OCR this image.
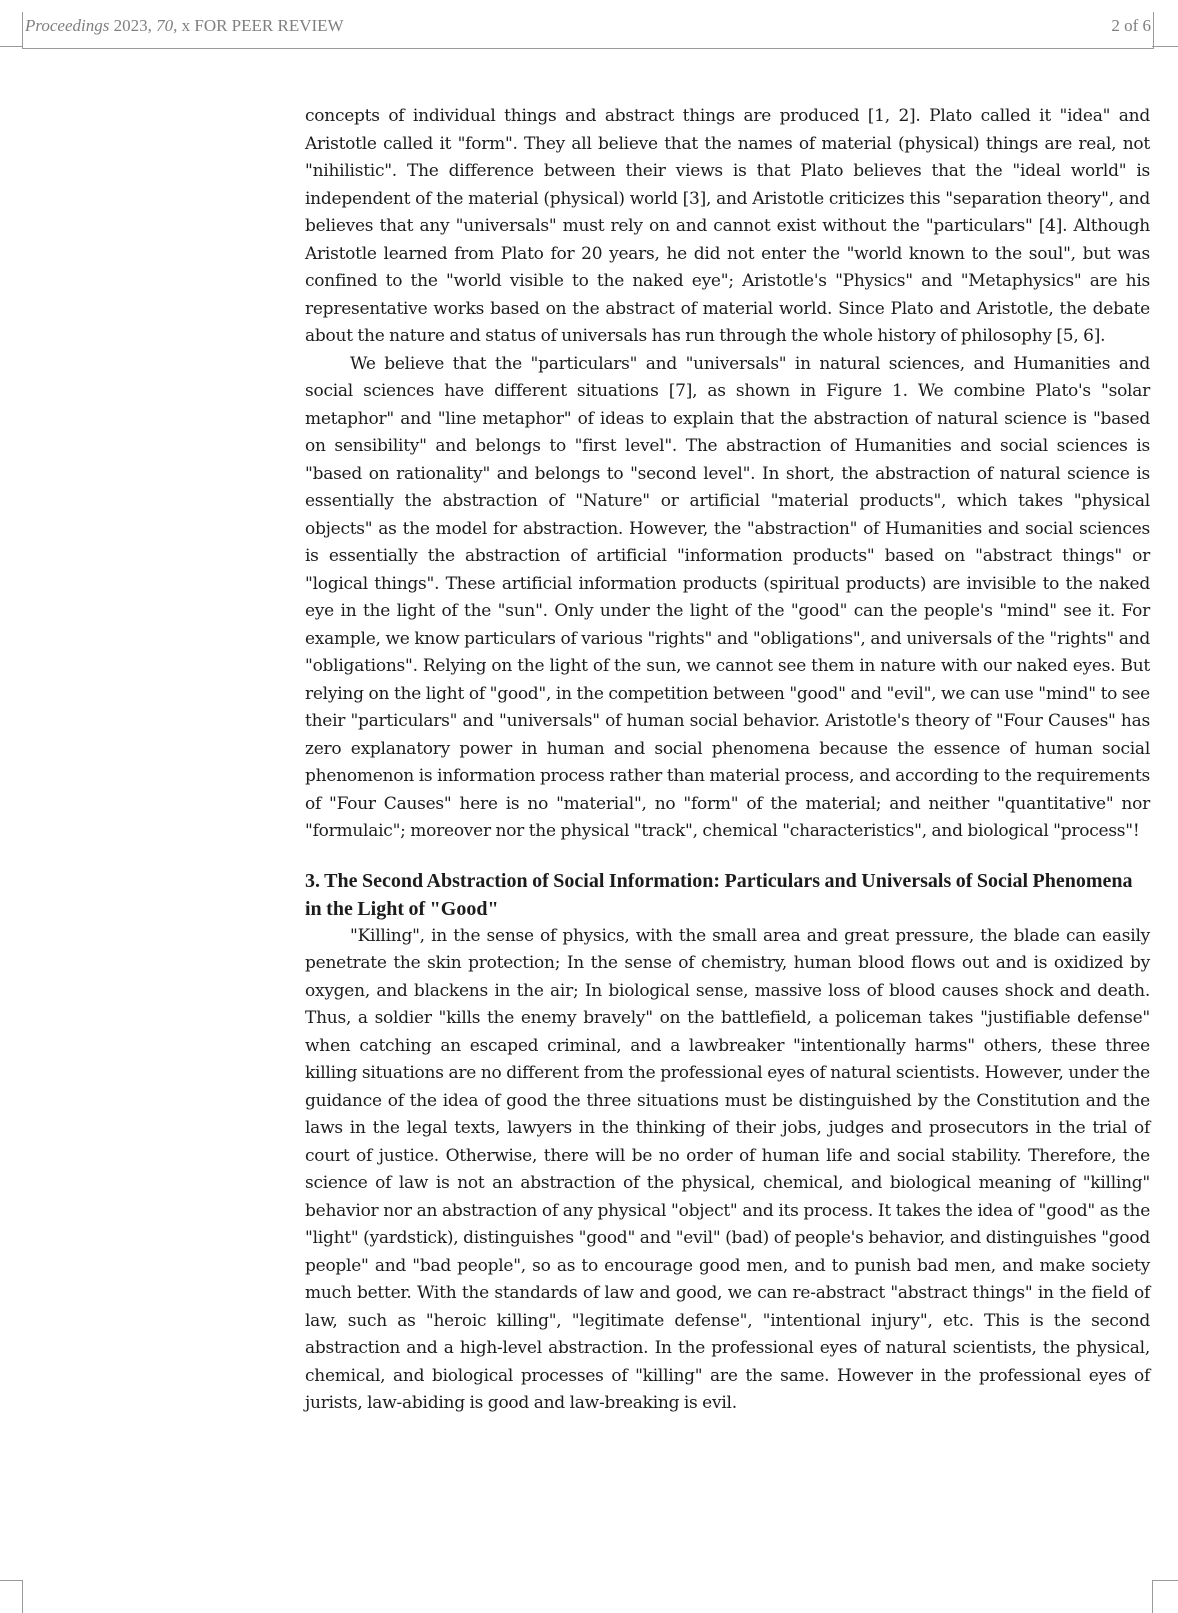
Proceedings 2023, 70, x FOR PEER REVIEW	2 of 6

concepts of individual things and abstract things are produced [1, 2]. Plato called it "idea" and Aristotle called it "form". They all believe that the names of material (physical) things are real, not "nihilistic". The difference between their views is that Plato believes that the "ideal world" is independent of the material (physical) world [3], and Aristotle criticizes this "separation theory", and believes that any "universals" must rely on and cannot exist without the "particulars" [4]. Although Aristotle learned from Plato for 20 years, he did not enter the "world known to the soul", but was confined to the "world visible to the naked eye"; Aristotle's "Physics" and "Metaphysics" are his representative works based on the abstract of material world. Since Plato and Aristotle, the debate about the nature and status of universals has run through the whole history of philosophy [5, 6].

We believe that the "particulars" and "universals" in natural sciences, and Humanities and social sciences have different situations [7], as shown in Figure 1. We combine Plato's "solar metaphor" and "line metaphor" of ideas to explain that the abstraction of natural science is "based on sensibility" and belongs to "first level". The abstraction of Humanities and social sciences is "based on rationality" and belongs to "second level". In short, the abstraction of natural science is essentially the abstraction of "Nature" or artificial "material products", which takes "physical objects" as the model for abstraction. However, the "abstraction" of Humanities and social sciences is essentially the abstraction of artificial "information products" based on "abstract things" or "logical things". These artificial information products (spiritual products) are invisible to the naked eye in the light of the "sun". Only under the light of the "good" can the people's "mind" see it. For example, we know particulars of various "rights" and "obligations", and universals of the "rights" and "obligations". Relying on the light of the sun, we cannot see them in nature with our naked eyes. But relying on the light of "good", in the competition between "good" and "evil", we can use "mind" to see their "particulars" and "universals" of human social behavior. Aristotle's theory of "Four Causes" has zero explanatory power in human and social phenomena because the essence of human social phenomenon is information process rather than material process, and according to the requirements of "Four Causes" here is no "material", no "form" of the material; and neither "quantitative" nor "formulaic"; moreover nor the physical "track", chemical "characteristics", and biological "process"!

3. The Second Abstraction of Social Information: Particulars and Universals of Social Phenomena in the Light of "Good"

"Killing", in the sense of physics, with the small area and great pressure, the blade can easily penetrate the skin protection; In the sense of chemistry, human blood flows out and is oxidized by oxygen, and blackens in the air; In biological sense, massive loss of blood causes shock and death. Thus, a soldier "kills the enemy bravely" on the battlefield, a policeman takes "justifiable defense" when catching an escaped criminal, and a lawbreaker "intentionally harms" others, these three killing situations are no different from the professional eyes of natural scientists. However, under the guidance of the idea of good the three situations must be distinguished by the Constitution and the laws in the legal texts, lawyers in the thinking of their jobs, judges and prosecutors in the trial of court of justice. Otherwise, there will be no order of human life and social stability. Therefore, the science of law is not an abstraction of the physical, chemical, and biological meaning of "killing" behavior nor an abstraction of any physical "object" and its process. It takes the idea of "good" as the "light" (yardstick), distinguishes "good" and "evil" (bad) of people's behavior, and distinguishes "good people" and "bad people", so as to encourage good men, and to punish bad men, and make society much better. With the standards of law and good, we can re-abstract "abstract things" in the field of law, such as "heroic killing", "legitimate defense", "intentional injury", etc. This is the second abstraction and a high-level abstraction. In the professional eyes of natural scientists, the physical, chemical, and biological processes of "killing" are the same. However in the professional eyes of jurists, law-abiding is good and law-breaking is evil.
